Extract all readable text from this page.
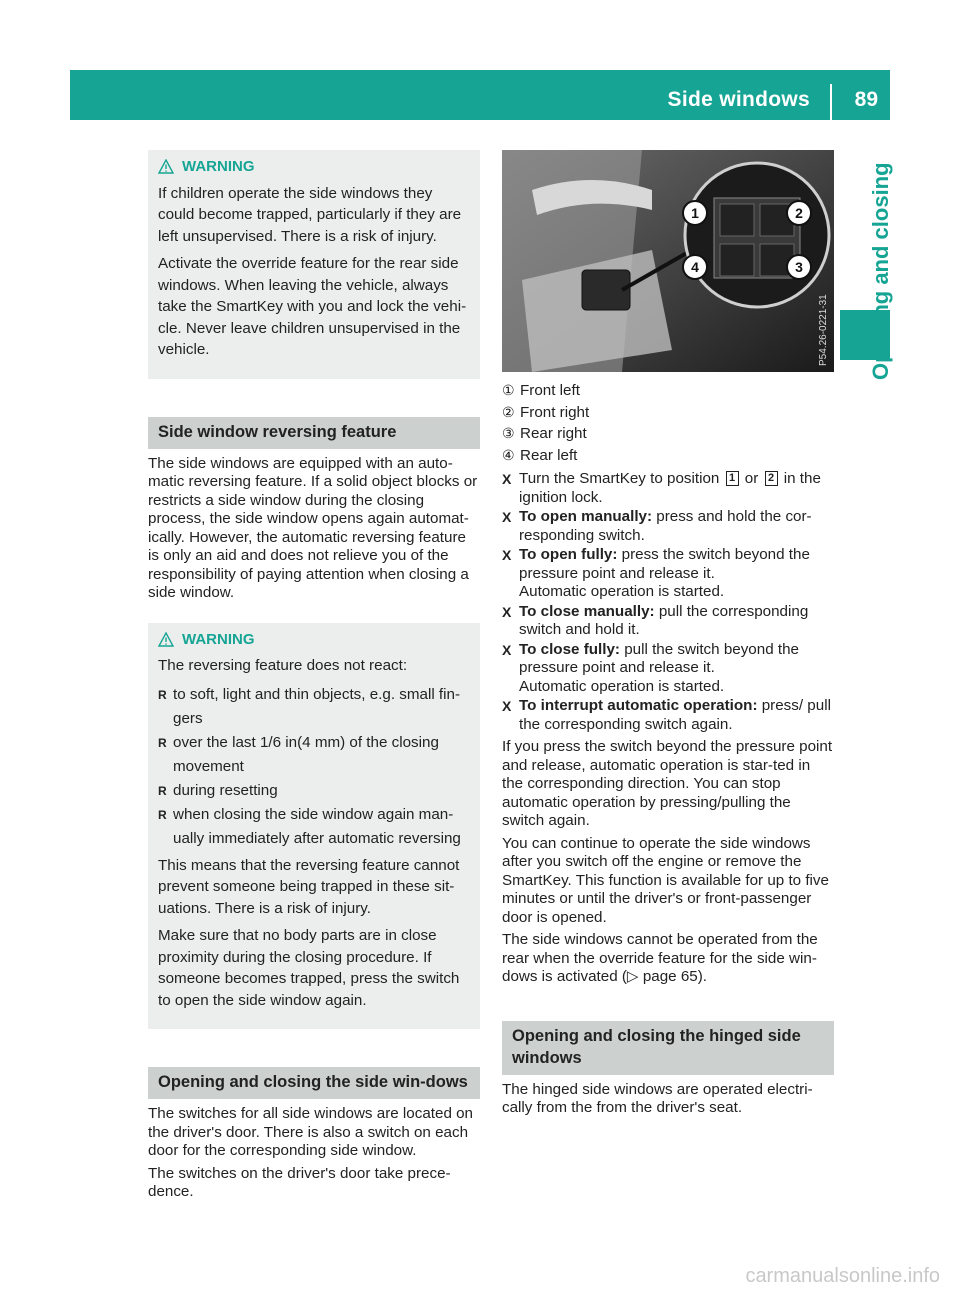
Side windows 89
Opening and closing
WARNING

If children operate the side windows they could become trapped, particularly if they are left unsupervised. There is a risk of injury.

Activate the override feature for the rear side windows. When leaving the vehicle, always take the SmartKey with you and lock the vehi-cle. Never leave children unsupervised in the vehicle.

Side window reversing feature

The side windows are equipped with an auto-matic reversing feature. If a solid object blocks or restricts a side window during the closing process, the side window opens again automat-ically. However, the automatic reversing feature is only an aid and does not relieve you of the responsibility of paying attention when closing a side window.

WARNING

The reversing feature does not react:

R to soft, light and thin objects, e.g. small fin-gers
R over the last 1/6 in(4 mm) of the closing movement
R during resetting
R when closing the side window again man-ually immediately after automatic reversing

This means that the reversing feature cannot prevent someone being trapped in these sit-uations. There is a risk of injury.

Make sure that no body parts are in close proximity during the closing procedure. If someone becomes trapped, press the switch to open the side window again.

Opening and closing the side win-dows

The switches for all side windows are located on the driver's door. There is also a switch on each door for the corresponding side window.

The switches on the driver's door take prece-dence.

1	2
3
4
P54.26-0221-31
① Front left
② Front right
③ Rear right
④ Rear left
X Turn the SmartKey to position 1 or 2 in the ignition lock.
X To open manually: press and hold the cor-responding switch.
X To open fully: press the switch beyond the pressure point and release it.
Automatic operation is started.
X To close manually: pull the corresponding switch and hold it.
X To close fully: pull the switch beyond the pressure point and release it.
Automatic operation is started.
X To interrupt automatic operation: press/ pull the corresponding switch again.

If you press the switch beyond the pressure point and release, automatic operation is star-ted in the corresponding direction. You can stop automatic operation by pressing/pulling the switch again.

You can continue to operate the side windows after you switch off the engine or remove the SmartKey. This function is available for up to five minutes or until the driver's or front-passenger door is opened.

The side windows cannot be operated from the rear when the override feature for the side win-dows is activated (▷ page 65).

Opening and closing the hinged side windows

The hinged side windows are operated electri-cally from the from the driver's seat.

carmanualsonline.info
